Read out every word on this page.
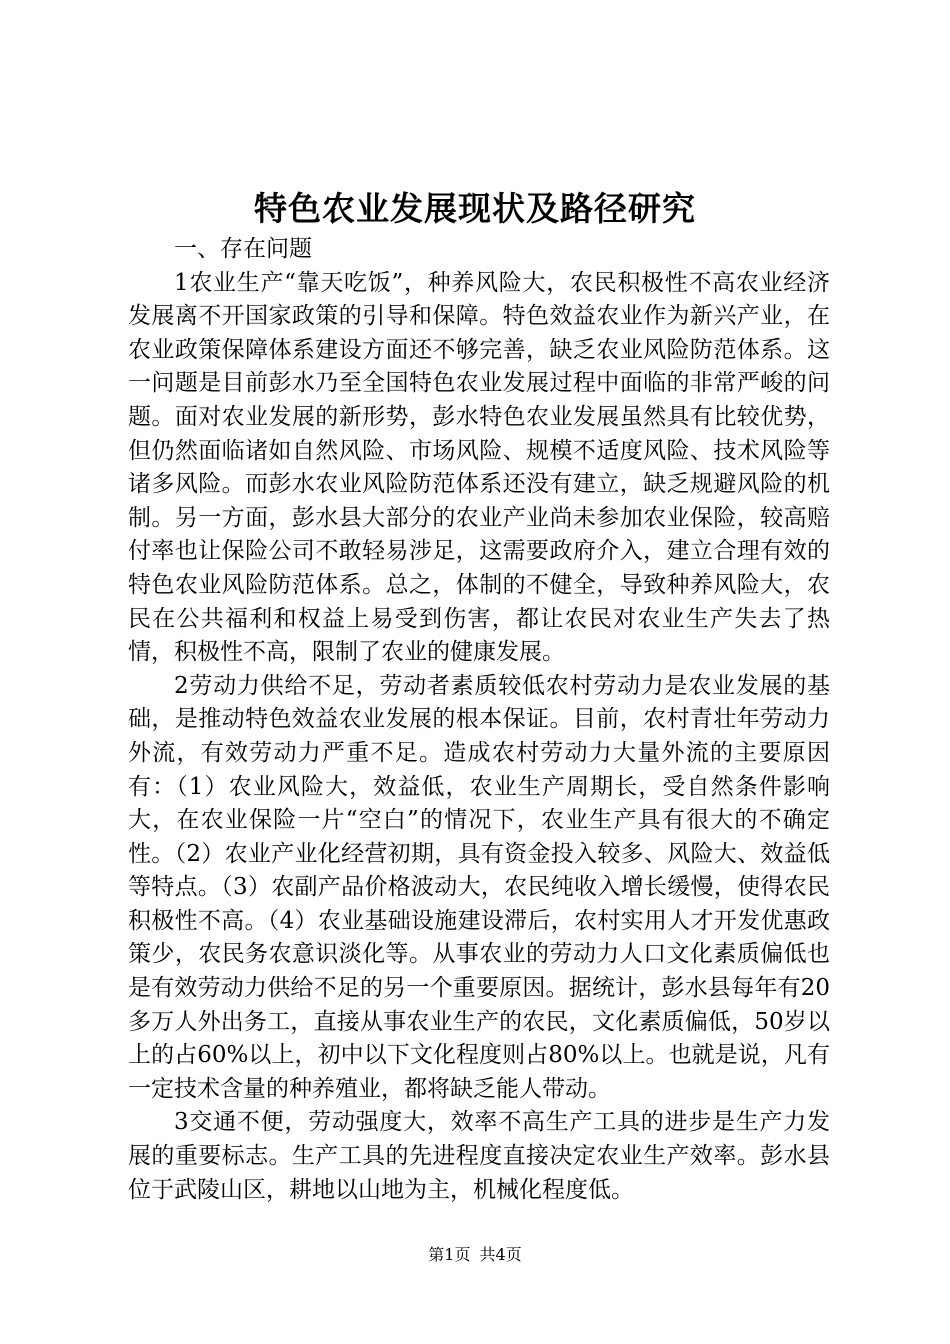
特色农业发展现状及路径研究

一、存在问题

1农业生产“靠天吃饭”，种养风险大，农民积极性不高农业经济发展离不开国家政策的引导和保障。特色效益农业作为新兴产业，在农业政策保障体系建设方面还不够完善，缺乏农业风险防范体系。这一问题是目前彭水乃至全国特色农业发展过程中面临的非常严峻的问题。面对农业发展的新形势，彭水特色农业发展虽然具有比较优势，但仍然面临诸如自然风险、市场风险、规模不适度风险、技术风险等诸多风险。而彭水农业风险防范体系还没有建立，缺乏规避风险的机制。另一方面，彭水县大部分的农业产业尚未参加农业保险，较高赔付率也让保险公司不敢轻易涉足，这需要政府介入，建立合理有效的特色农业风险防范体系。总之，体制的不健全，导致种养风险大，农民在公共福利和权益上易受到伤害，都让农民对农业生产失去了热情，积极性不高，限制了农业的健康发展。

2劳动力供给不足，劳动者素质较低农村劳动力是农业发展的基础，是推动特色效益农业发展的根本保证。目前，农村青壮年劳动力外流，有效劳动力严重不足。造成农村劳动力大量外流的主要原因有：（1）农业风险大，效益低，农业生产周期长，受自然条件影响大，在农业保险一片“空白”的情况下，农业生产具有很大的不确定性。（2）农业产业化经营初期，具有资金投入较多、风险大、效益低等特点。（3）农副产品价格波动大，农民纯收入增长缓慢，使得农民积极性不高。（4）农业基础设施建设滞后，农村实用人才开发优惠政策少，农民务农意识淡化等。从事农业的劳动力人口文化素质偏低也是有效劳动力供给不足的另一个重要原因。据统计，彭水县每年有20多万人外出务工，直接从事农业生产的农民，文化素质偏低，50岁以上的占60%以上，初中以下文化程度则占80%以上。也就是说，凡有一定技术含量的种养殖业，都将缺乏能人带动。

3交通不便，劳动强度大，效率不高生产工具的进步是生产力发展的重要标志。生产工具的先进程度直接决定农业生产效率。彭水县位于武陵山区，耕地以山地为主，机械化程度低。

第1页 共4页
